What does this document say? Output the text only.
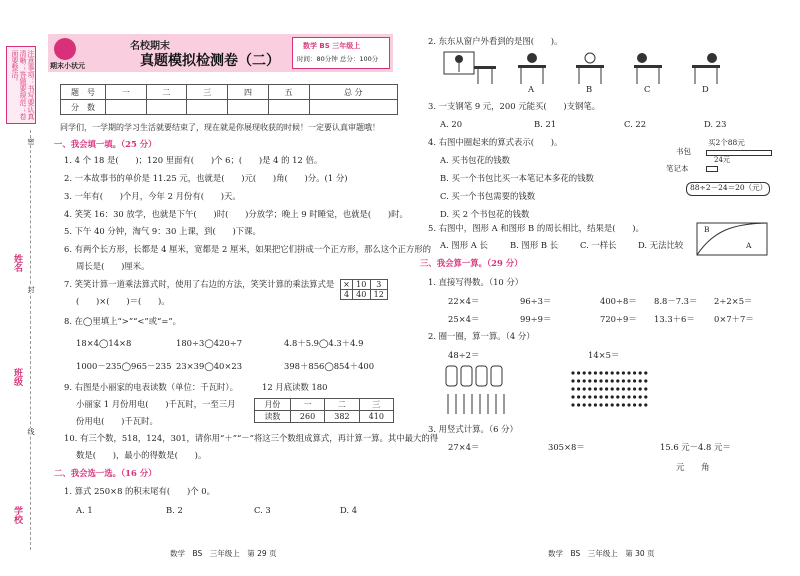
注意事项：书写要认真清晰；答题要规范；卷面要整洁。
姓名
封
班级
线
学校
密
期末小状元
名校期末
真题模拟检测卷（二）
数学 BS 三年级上
时间：80分钟 总分：100分
题　号	一	二	三	四	五	总 分
分　数						
同学们，一学期的学习生活就要结束了，现在就是你展现收获的时候！一定要认真审题哦！
一、我会填一填。（25 分）
1. 4 个 18 是(　　)；120 里面有(　　)个 6；(　　)是 4 的 12 倍。
2. 一本故事书的单价是 11.25 元，也就是(　　)元(　　)角(　　)分。(1 分)
3. 一年有(　　)个月，今年 2 月份有(　　)天。
4. 笑笑 16：30 放学，也就是下午(　　)时(　　)分放学；晚上 9 时睡觉，也就是(　　)时。
5. 下午 40 分钟，淘气 9：30 上课，到(　　)下课。
6. 有两个长方形，长都是 4 厘米，宽都是 2 厘米，如果把它们拼成一个正方形，那么这个正方形的
周长是(　　)厘米。
7. 笑笑计算一道乘法算式时，使用了右边的方法，笑笑计算的乘法算式是
(　　)×(　　)＝(　　)。
×	10	3
4	40	12
8. 在◯里填上“>”“<”或“=”。
18×4◯14×8	180÷3◯420÷7	4.8＋5.9◯4.3＋4.9
1000－235◯965－235 23×39◯40×23	398＋856◯854＋400
9. 右图是小丽家的电表读数（单位：千瓦时）。
小丽家 1 月份用电(　　)千瓦时，一至三月
份用电(　　)千瓦时。
12 月底读数 180
月份	一	二	三
读数	260	382	410
10. 有三个数，518，124，301，请你用“＋”“－”将这三个数组成算式，再计算一算。其中最大的得
数是(　　)，最小的得数是(　　)。
二、我会选一选。（16 分）
1. 算式 250×8 的积末尾有(　　)个 0。
A. 1	B. 2	C. 3	D. 4
数学　BS　三年级上　第 29 页
2. 东东从窗户外看到的是图(　　)。
A	B	C	D
3. 一支钢笔 9 元，200 元能买(　　)支钢笔。
A. 20	B. 21	C. 22	D. 23
4. 右图中圈起来的算式表示(　　)。
A. 买书包花的钱数
B. 买一个书包比买一本笔记本多花的钱数
C. 买一个书包需要的钱数
D. 买 2 个书包花的钱数
买2个88元
书包
笔记本
24元
88÷2－24＝20（元）
5. 右图中，图形 A 和图形 B 的周长相比，结果是(　　)。
A. 图形 A 长	B. 图形 B 长	C. 一样长	D. 无法比较
B
A
三、我会算一算。（29 分）
1. 直接写得数。（10 分）
22×4＝	96÷3＝	400÷8＝ 8.8－7.3＝ 2÷2×5＝
25×4＝	99÷9＝	720÷9＝ 13.3＋6＝ 0×7＋7＝
2. 圈一圈，算一算。（4 分）
48÷2＝	14×5＝
3. 用竖式计算。（6 分）
27×4＝	305×8＝	15.6 元－4.8 元＝
元　　角
数学　BS　三年级上　第 30 页
